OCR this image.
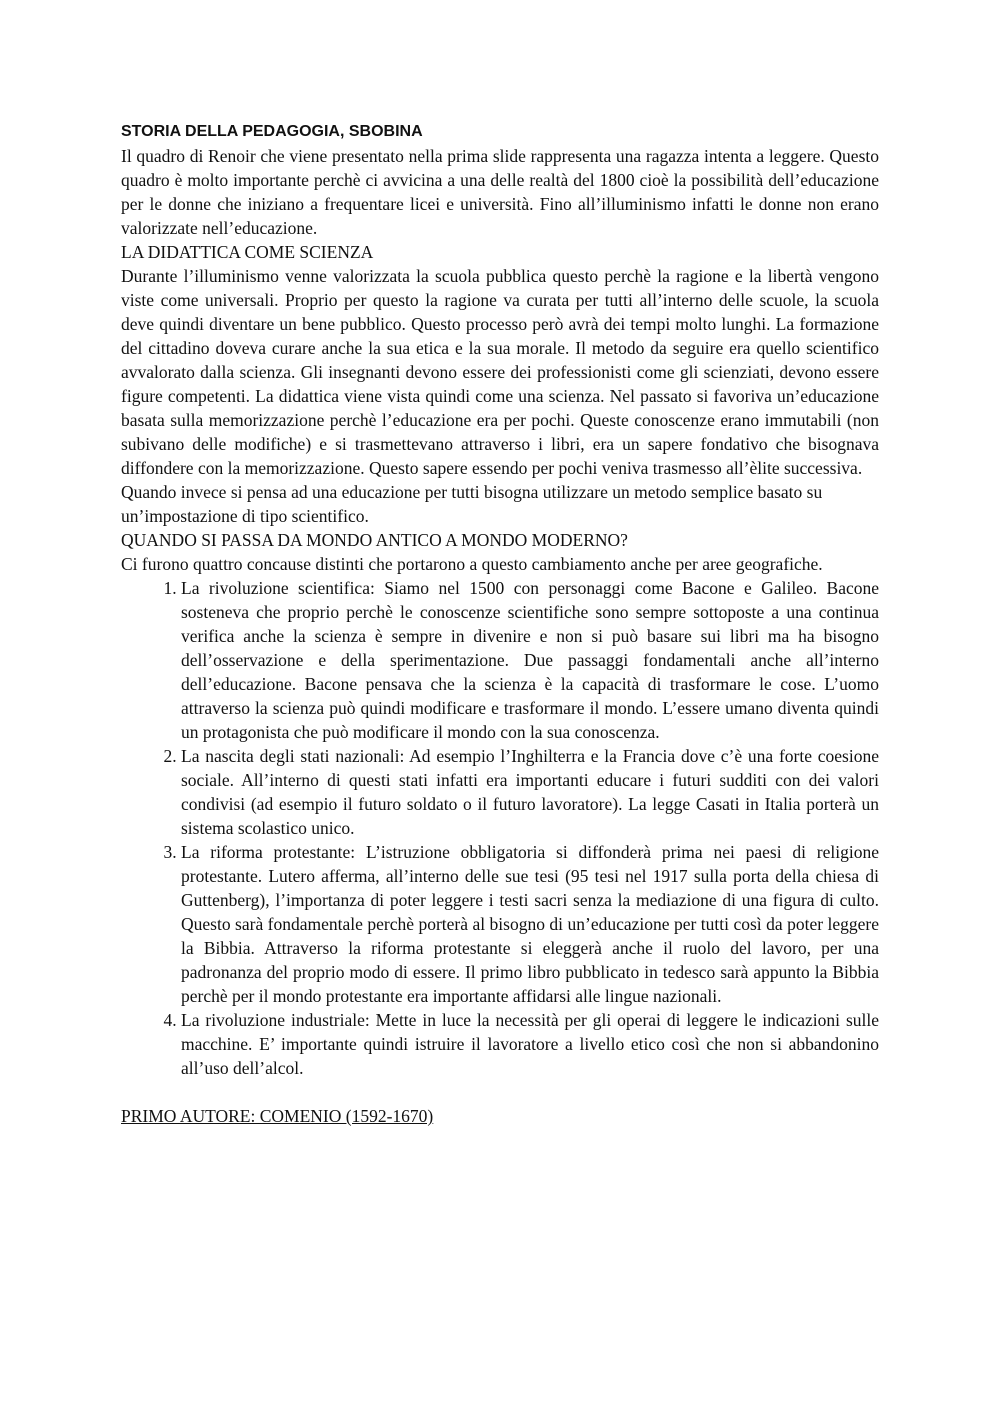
STORIA DELLA PEDAGOGIA, SBOBINA

Il quadro di Renoir che viene presentato nella prima slide rappresenta una ragazza intenta a leggere. Questo quadro è molto importante perchè ci avvicina a una delle realtà del 1800 cioè la possibilità dell’educazione per le donne che iniziano a frequentare licei e università. Fino all’illuminismo infatti le donne non erano valorizzate nell’educazione.

LA DIDATTICA COME SCIENZA

Durante l’illuminismo venne valorizzata la scuola pubblica questo perchè la ragione e la libertà vengono viste come universali. Proprio per questo la ragione va curata per tutti all’interno delle scuole, la scuola deve quindi diventare un bene pubblico. Questo processo però avrà dei tempi molto lunghi. La formazione del cittadino doveva curare anche la sua etica e la sua morale. Il metodo da seguire era quello scientifico avvalorato dalla scienza. Gli insegnanti devono essere dei professionisti come gli scienziati, devono essere figure competenti. La didattica viene vista quindi come una scienza. Nel passato si favoriva un’educazione basata sulla memorizzazione perchè l’educazione era per pochi. Queste conoscenze erano immutabili (non subivano delle modifiche) e si trasmettevano attraverso i libri, era un sapere fondativo che bisognava diffondere con la memorizzazione. Questo sapere essendo per pochi veniva trasmesso all’èlite successiva.

Quando invece si pensa ad una educazione per tutti bisogna utilizzare un metodo semplice basato su un’impostazione di tipo scientifico.

QUANDO SI PASSA DA MONDO ANTICO A MONDO MODERNO?

Ci furono quattro concause distinti che portarono a questo cambiamento anche per aree geografiche.

1. La rivoluzione scientifica: Siamo nel 1500 con personaggi come Bacone e Galileo. Bacone sosteneva che proprio perchè le conoscenze scientifiche sono sempre sottoposte a una continua verifica anche la scienza è sempre in divenire e non si può basare sui libri ma ha bisogno dell’osservazione e della sperimentazione. Due passaggi fondamentali anche all’interno dell’educazione. Bacone pensava che la scienza è la capacità di trasformare le cose. L’uomo attraverso la scienza può quindi modificare e trasformare il mondo. L’essere umano diventa quindi un protagonista che può modificare il mondo con la sua conoscenza.
2. La nascita degli stati nazionali: Ad esempio l’Inghilterra e la Francia dove c’è una forte coesione sociale. All’interno di questi stati infatti era importanti educare i futuri sudditi con dei valori condivisi (ad esempio il futuro soldato o il futuro lavoratore). La legge Casati in Italia porterà un sistema scolastico unico.
3. La riforma protestante: L’istruzione obbligatoria si diffonderà prima nei paesi di religione protestante. Lutero afferma, all’interno delle sue tesi (95 tesi nel 1917 sulla porta della chiesa di Guttenberg), l’importanza di poter leggere i testi sacri senza la mediazione di una figura di culto. Questo sarà fondamentale perchè porterà al bisogno di un’educazione per tutti così da poter leggere la Bibbia. Attraverso la riforma protestante si eleggerà anche il ruolo del lavoro, per una padronanza del proprio modo di essere. Il primo libro pubblicato in tedesco sarà appunto la Bibbia perchè per il mondo protestante era importante affidarsi alle lingue nazionali.
4. La rivoluzione industriale: Mette in luce la necessità per gli operai di leggere le indicazioni sulle macchine. E’ importante quindi istruire il lavoratore a livello etico così che non si abbandonino all’uso dell’alcol.

PRIMO AUTORE: COMENIO (1592-1670)
